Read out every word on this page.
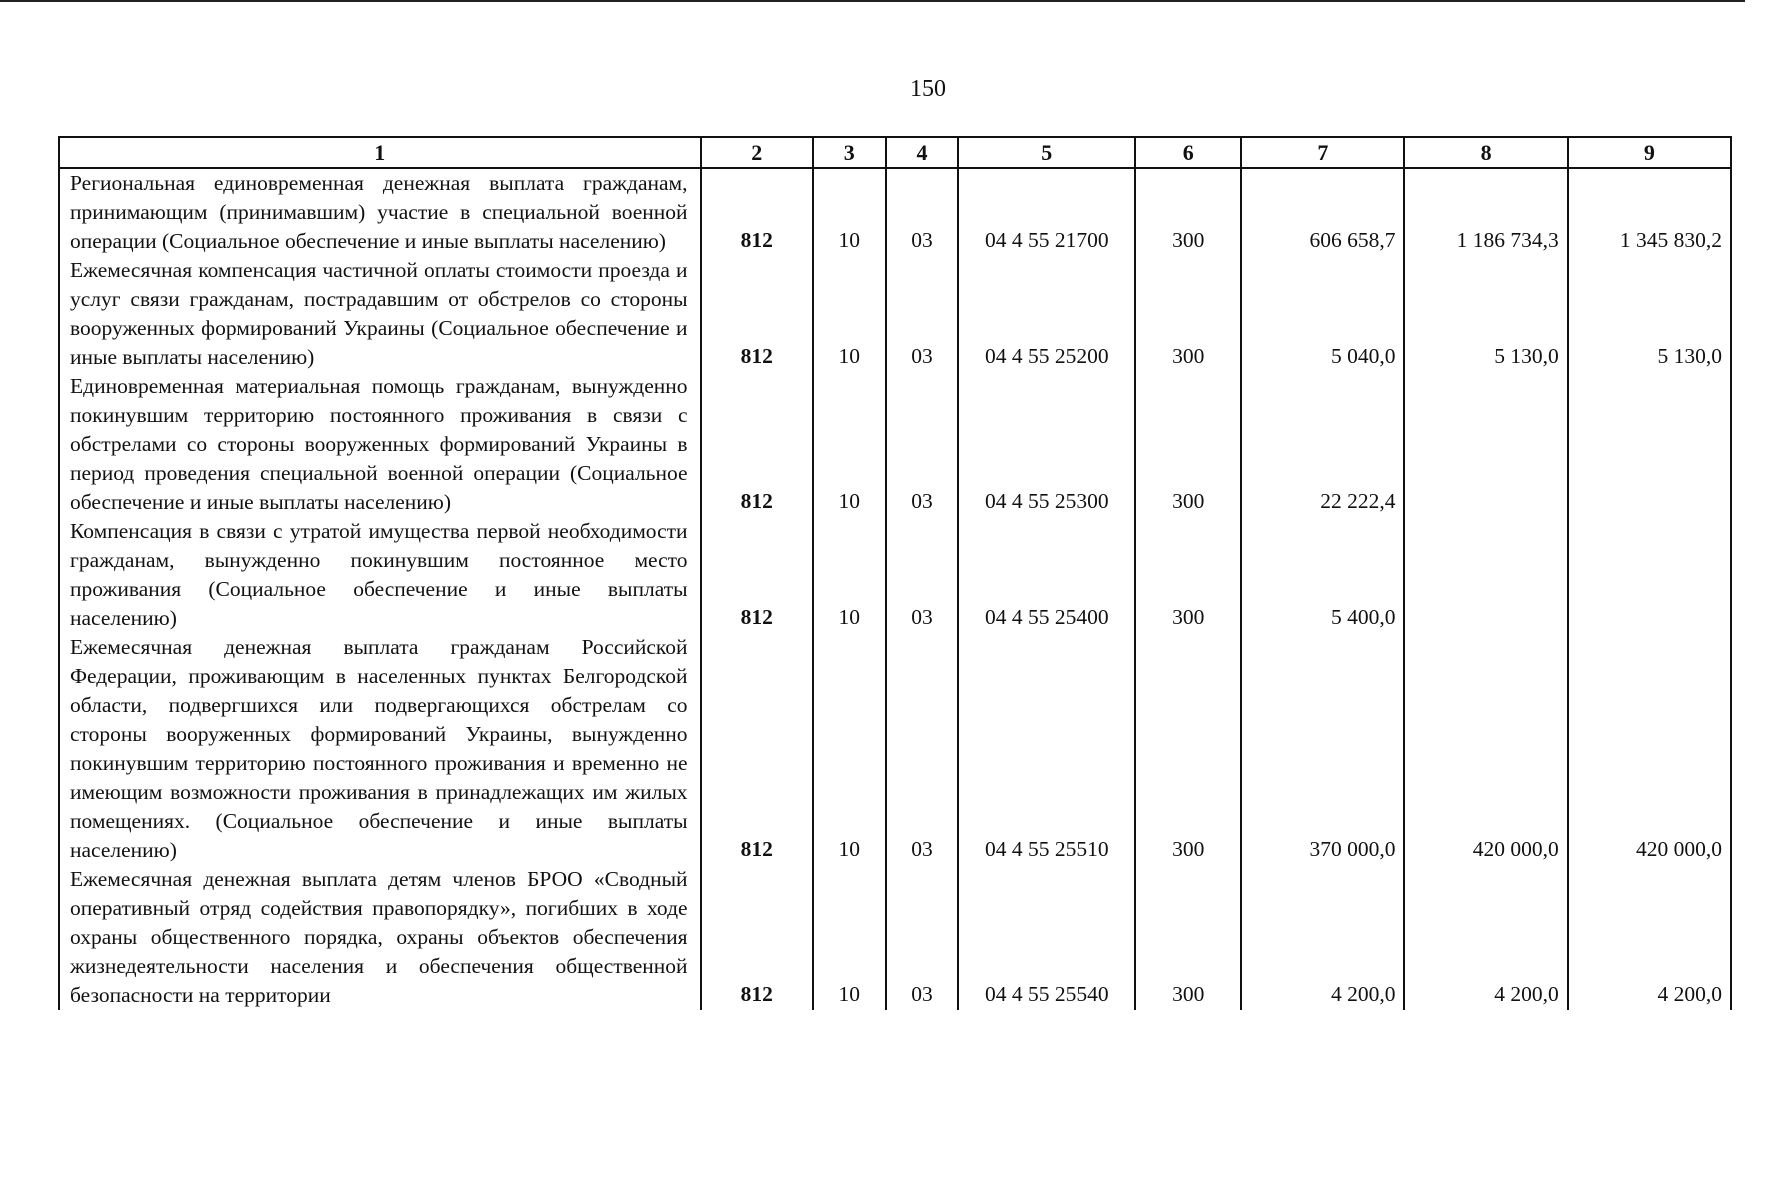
150
1	2	3	4	5	6	7	8	9
Региональная единовременная денежная выплата гражданам, принимающим (принимавшим) участие в специальной военной операции (Социальное обеспечение и иные выплаты населению)	812	10	03	04 4 55 21700	300	606 658,7	1 186 734,3	1 345 830,2
Ежемесячная компенсация частичной оплаты стоимости проезда и услуг связи гражданам, пострадавшим от обстрелов со стороны вооруженных формирований Украины (Социальное обеспечение и иные выплаты населению)	812	10	03	04 4 55 25200	300	5 040,0	5 130,0	5 130,0
Единовременная материальная помощь гражданам, вынужденно покинувшим территорию постоянного проживания в связи с обстрелами со стороны вооруженных формирований Украины в период проведения специальной военной операции (Социальное обеспечение и иные выплаты населению)	812	10	03	04 4 55 25300	300	22 222,4		
Компенсация в связи с утратой имущества первой необходимости гражданам, вынужденно покинувшим постоянное место проживания (Социальное обеспечение и иные выплаты населению)	812	10	03	04 4 55 25400	300	5 400,0		
Ежемесячная денежная выплата гражданам Российской Федерации, проживающим в населенных пунктах Белгородской области, подвергшихся или подвергающихся обстрелам со стороны вооруженных формирований Украины, вынужденно покинувшим территорию постоянного проживания и временно не имеющим возможности проживания в принадлежащих им жилых помещениях. (Социальное обеспечение и иные выплаты населению)	812	10	03	04 4 55 25510	300	370 000,0	420 000,0	420 000,0
Ежемесячная денежная выплата детям членов БРОО «Сводный оперативный отряд содействия правопорядку», погибших в ходе охраны общественного порядка, охраны объектов обеспечения жизнедеятельности населения и обеспечения общественной безопасности на территории	812	10	03	04 4 55 25540	300	4 200,0	4 200,0	4 200,0
